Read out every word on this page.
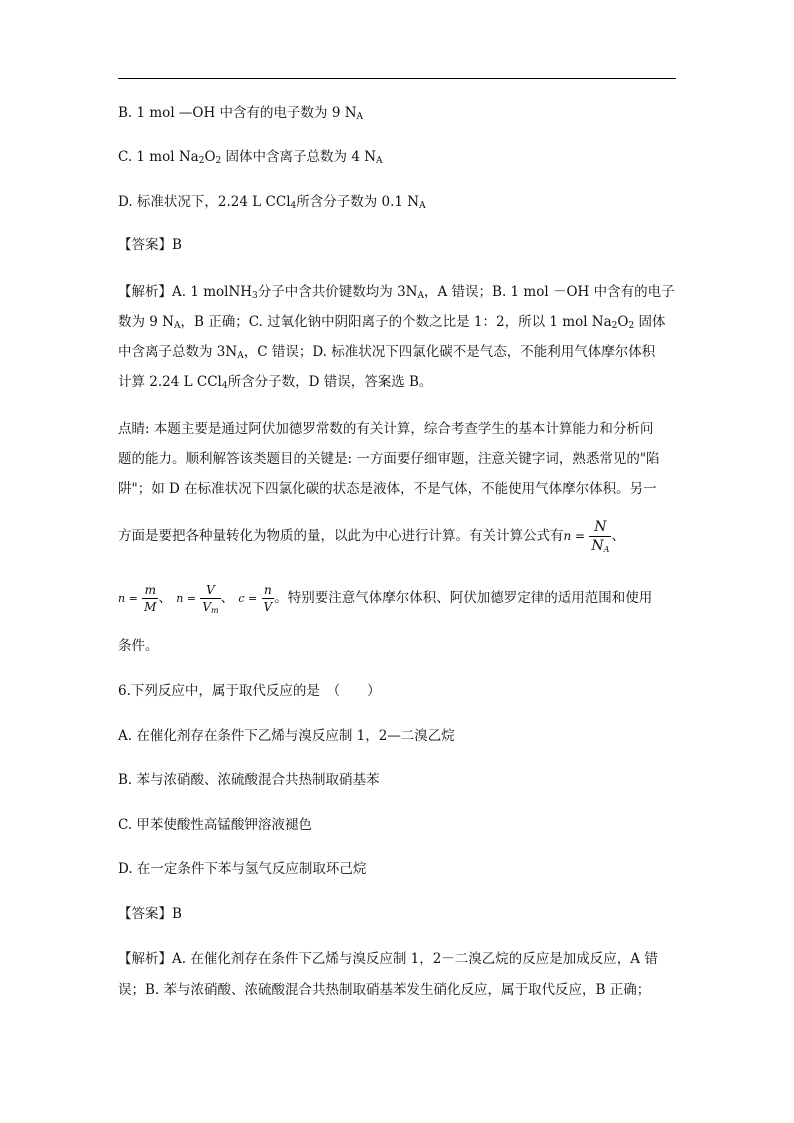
B. 1 mol —OH 中含有的电子数为 9 $N_A$
C. 1 mol $Na_2O_2$ 固体中含离子总数为 4 $N_A$
D. 标准状况下，2.24 L CCl$_4$所含分子数为 0.1 $N_A$
【答案】B
【解析】A. 1 molNH$_3$分子中含共价键数均为 $3N_A$，A 错误；B. 1 mol －OH 中含有的电子
数为 9 $N_A$，B 正确；C. 过氧化钠中阴阳离子的个数之比是 1：2，所以 1 mol $Na_2O_2$ 固体
中含离子总数为 $3N_A$，C 错误；D. 标准状况下四氯化碳不是气态，不能利用气体摩尔体积
计算 2.24 L CCl$_4$所含分子数，D 错误，答案选 B。
点睛: 本题主要是通过阿伏加德罗常数的有关计算，综合考查学生的基本计算能力和分析问
题的能力。顺利解答该类题目的关键是: 一方面要仔细审题，注意关键字词，熟悉常见的"陷
阱"；如 D 在标准状况下四氯化碳的状态是液体，不是气体，不能使用气体摩尔体积。另一
方面是要把各种量转化为物质的量，以此为中心进行计算。有关计算公式有$n = \frac{N}{N_A}$ 、
$n = \frac{m}{M}$ 、 $n = \frac{V}{V_m}$ 、 $c = \frac{n}{V}$ 。特别要注意气体摩尔体积、阿伏加德罗定律的适用范围和使用
条件。
6.下列反应中，属于取代反应的是　（　　）
A. 在催化剂存在条件下乙烯与溴反应制 1，2—二溴乙烷
B. 苯与浓硝酸、浓硫酸混合共热制取硝基苯
C. 甲苯使酸性高锰酸钾溶液褪色
D. 在一定条件下苯与氢气反应制取环己烷
【答案】B
【解析】A. 在催化剂存在条件下乙烯与溴反应制 1，2－二溴乙烷的反应是加成反应，A 错
误；B. 苯与浓硝酸、浓硫酸混合共热制取硝基苯发生硝化反应，属于取代反应，B 正确；
